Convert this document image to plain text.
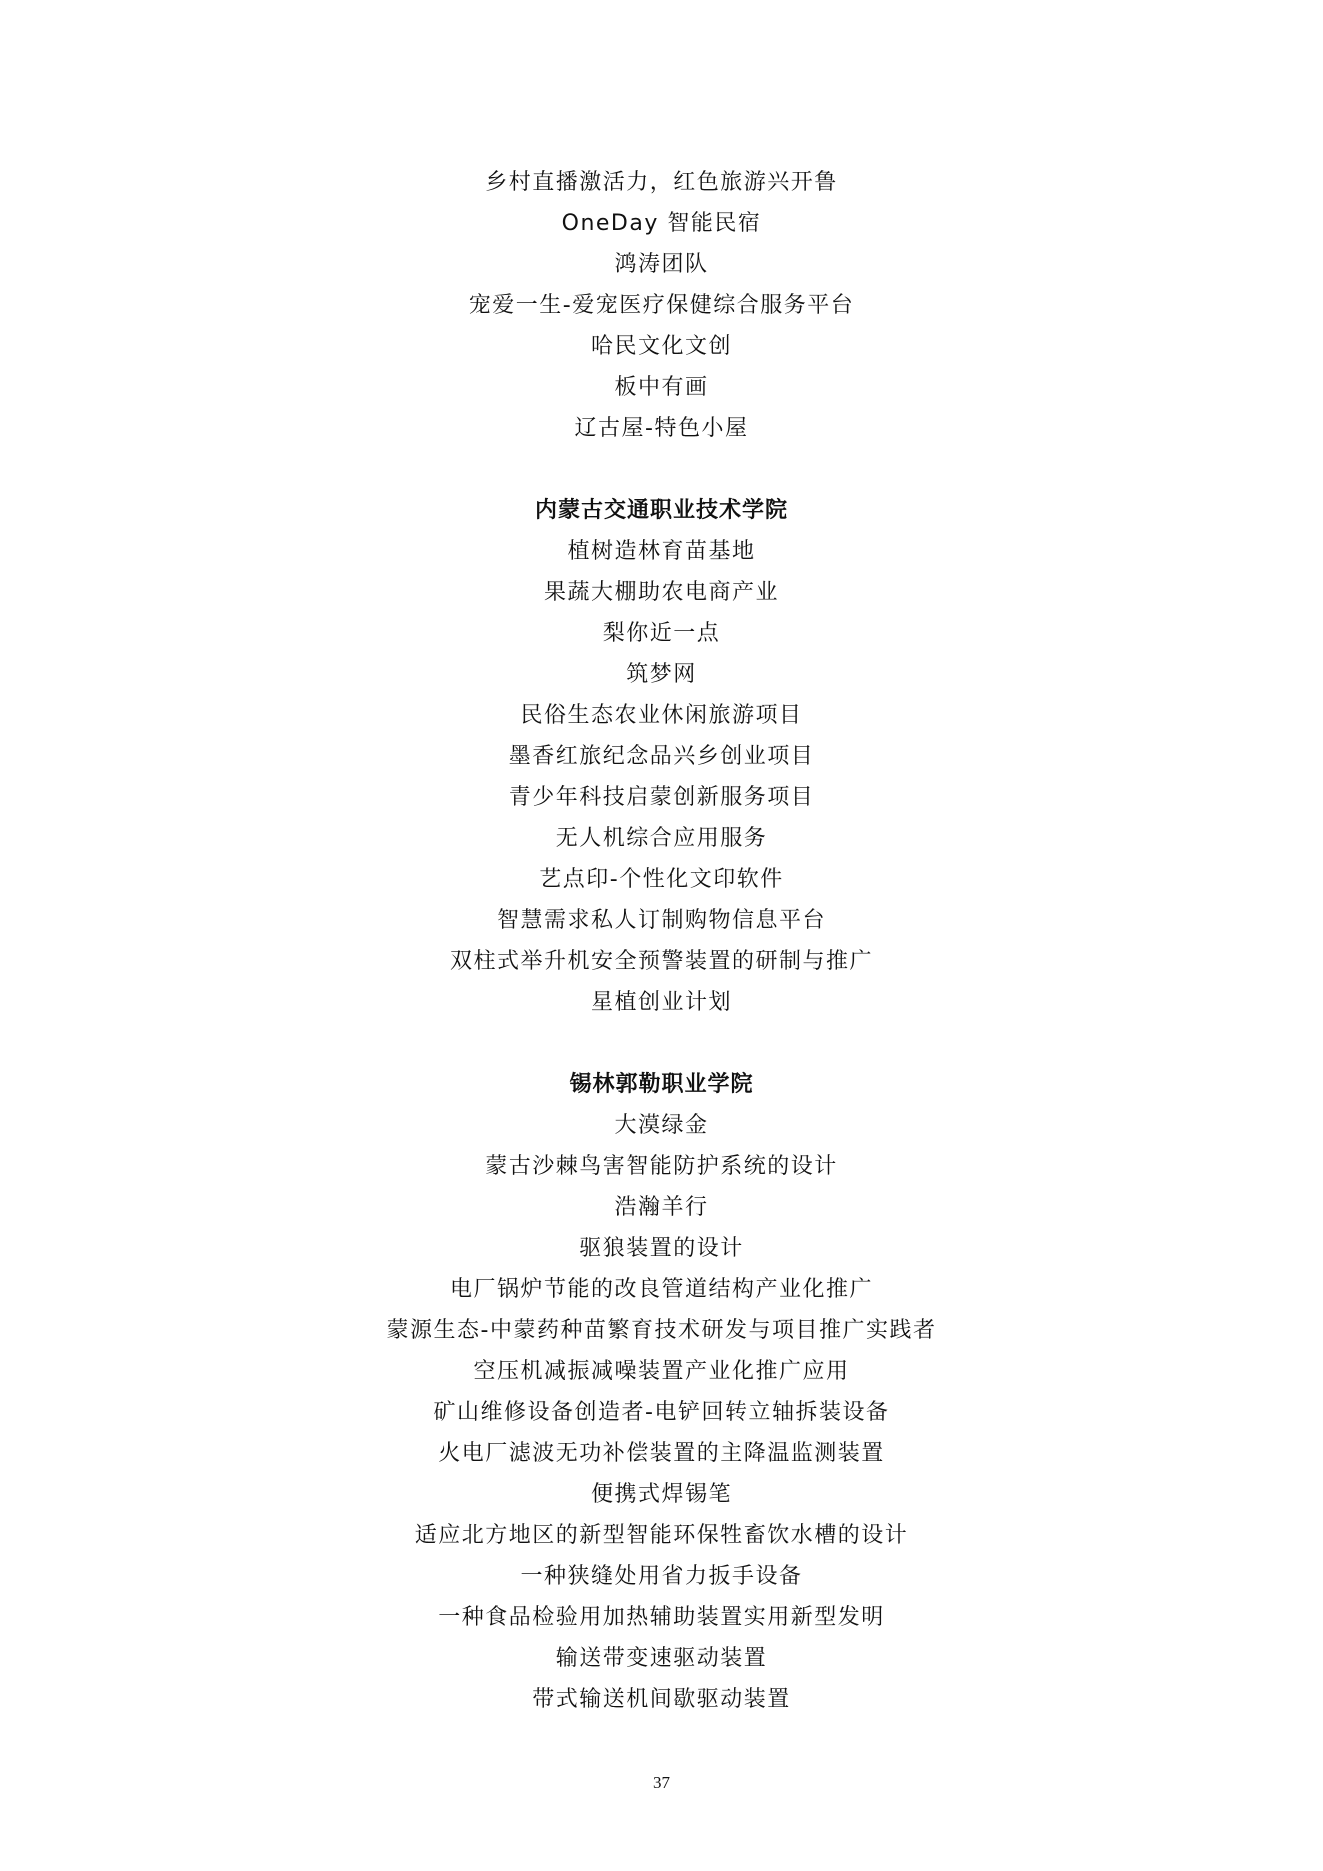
乡村直播激活力，红色旅游兴开鲁
OneDay 智能民宿
鸿涛团队
宠爱一生-爱宠医疗保健综合服务平台
哈民文化文创
板中有画
辽古屋-特色小屋
内蒙古交通职业技术学院
植树造林育苗基地
果蔬大棚助农电商产业
梨你近一点
筑梦网
民俗生态农业休闲旅游项目
墨香红旅纪念品兴乡创业项目
青少年科技启蒙创新服务项目
无人机综合应用服务
艺点印-个性化文印软件
智慧需求私人订制购物信息平台
双柱式举升机安全预警装置的研制与推广
星植创业计划
锡林郭勒职业学院
大漠绿金
蒙古沙棘鸟害智能防护系统的设计
浩瀚羊行
驱狼装置的设计
电厂锅炉节能的改良管道结构产业化推广
蒙源生态-中蒙药种苗繁育技术研发与项目推广实践者
空压机减振减噪装置产业化推广应用
矿山维修设备创造者-电铲回转立轴拆装设备
火电厂滤波无功补偿装置的主降温监测装置
便携式焊锡笔
适应北方地区的新型智能环保牲畜饮水槽的设计
一种狭缝处用省力扳手设备
一种食品检验用加热辅助装置实用新型发明
输送带变速驱动装置
带式输送机间歇驱动装置
37
